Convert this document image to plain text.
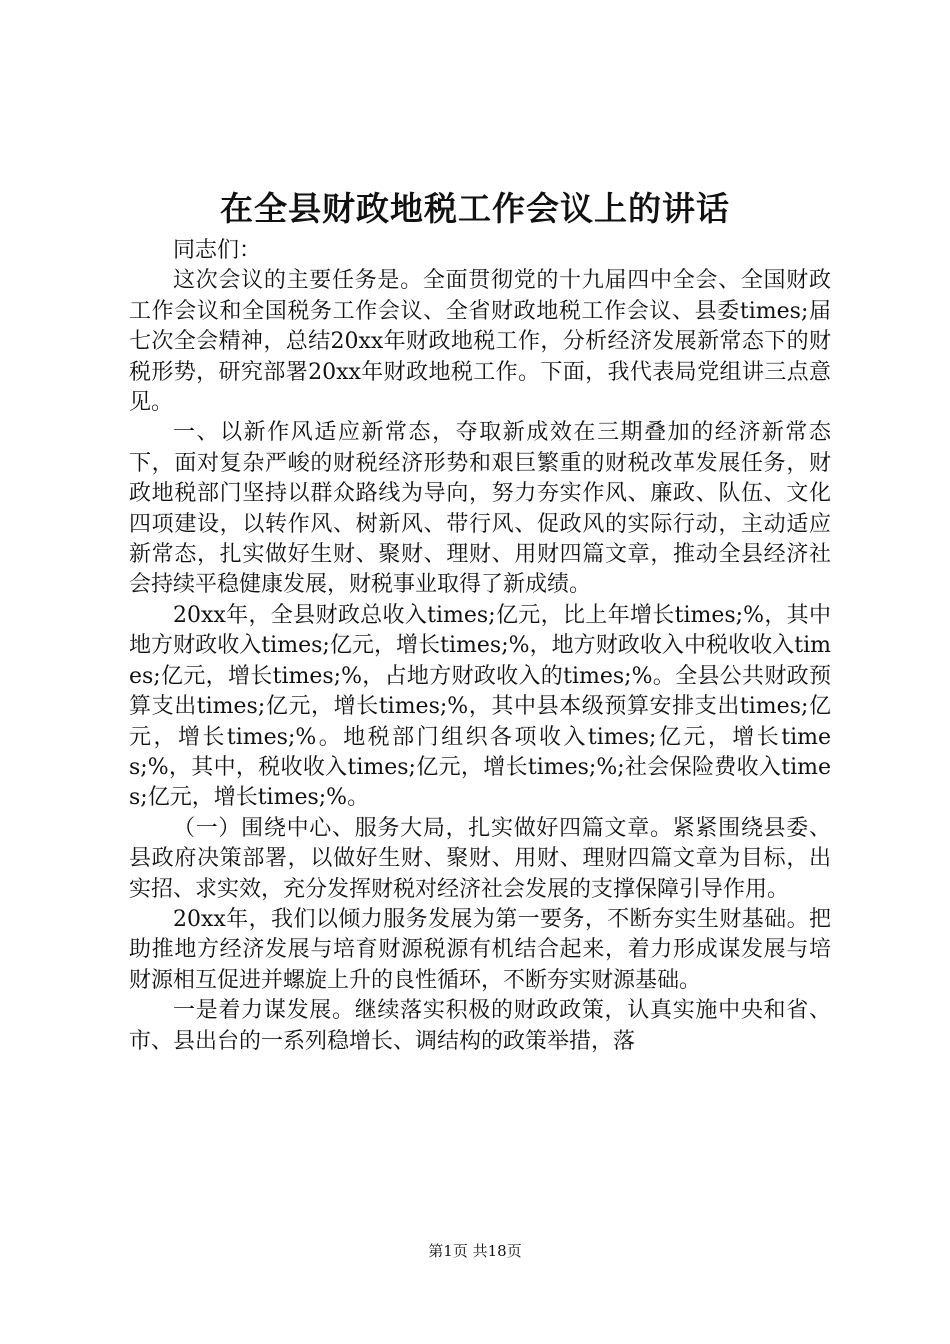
在全县财政地税工作会议上的讲话

同志们：

这次会议的主要任务是。全面贯彻党的十九届四中全会、全国财政工作会议和全国税务工作会议、全省财政地税工作会议、县委times;届七次全会精神，总结20xx年财政地税工作，分析经济发展新常态下的财税形势，研究部署20xx年财政地税工作。下面，我代表局党组讲三点意见。

一、以新作风适应新常态，夺取新成效在三期叠加的经济新常态下，面对复杂严峻的财税经济形势和艰巨繁重的财税改革发展任务，财政地税部门坚持以群众路线为导向，努力夯实作风、廉政、队伍、文化四项建设，以转作风、树新风、带行风、促政风的实际行动，主动适应新常态，扎实做好生财、聚财、理财、用财四篇文章，推动全县经济社会持续平稳健康发展，财税事业取得了新成绩。

20xx年，全县财政总收入times;亿元，比上年增长times;%，其中地方财政收入times;亿元，增长times;%，地方财政收入中税收收入times;亿元，增长times;%，占地方财政收入的times;%。全县公共财政预算支出times;亿元，增长times;%，其中县本级预算安排支出times;亿元，增长times;%。地税部门组织各项收入times;亿元，增长times;%，其中，税收收入times;亿元，增长times;%;社会保险费收入times;亿元，增长times;%。

（一）围绕中心、服务大局，扎实做好四篇文章。紧紧围绕县委、县政府决策部署，以做好生财、聚财、用财、理财四篇文章为目标，出实招、求实效，充分发挥财税对经济社会发展的支撑保障引导作用。

20xx年，我们以倾力服务发展为第一要务，不断夯实生财基础。把助推地方经济发展与培育财源税源有机结合起来，着力形成谋发展与培财源相互促进并螺旋上升的良性循环，不断夯实财源基础。

一是着力谋发展。继续落实积极的财政政策，认真实施中央和省、市、县出台的一系列稳增长、调结构的政策举措，落

第1页 共18页
